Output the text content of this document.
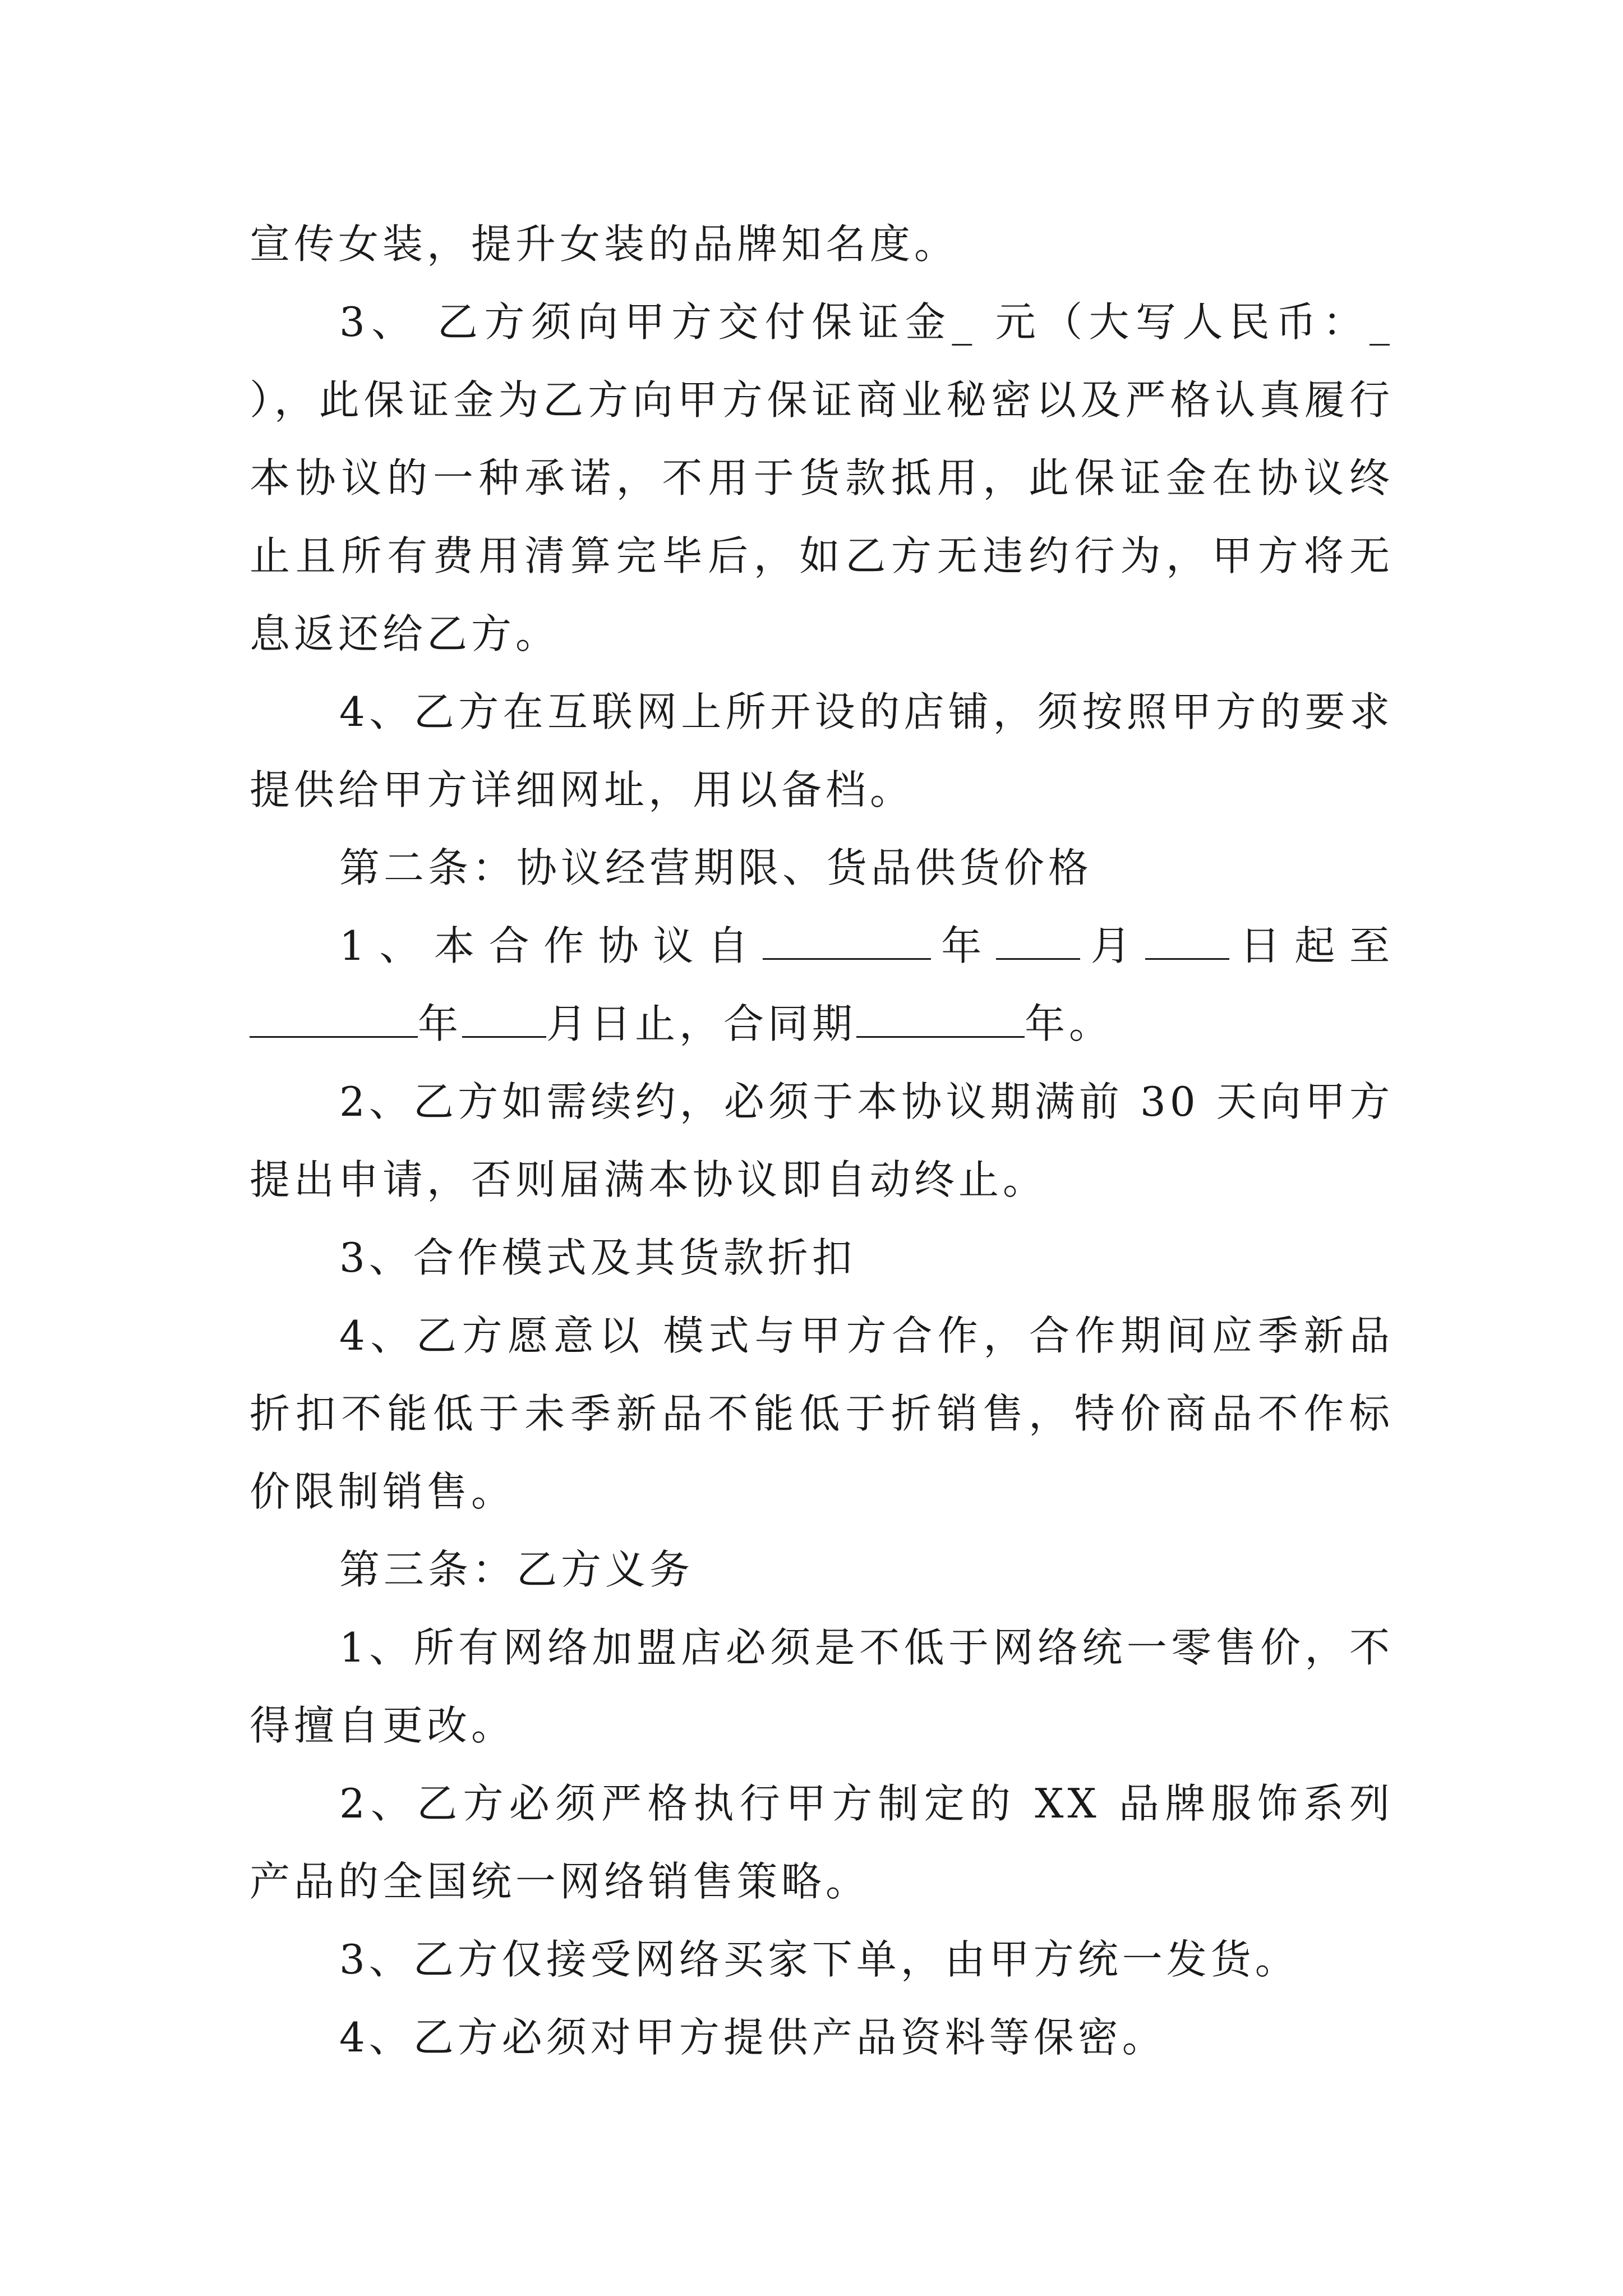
宣传女装，提升女装的品牌知名度。

3、 乙方须向甲方交付保证金_ 元（大写人民币：_ ），此保证金为乙方向甲方保证商业秘密以及严格认真履行本协议的一种承诺，不用于货款抵用，此保证金在协议终止且所有费用清算完毕后，如乙方无违约行为，甲方将无息返还给乙方。

4、乙方在互联网上所开设的店铺，须按照甲方的要求提供给甲方详细网址，用以备档。

第二条：协议经营期限、货品供货价格

1、本合作协议自	年 月 日起至年 月日止，合同期	年。

2、乙方如需续约，必须于本协议期满前 30 天向甲方提出申请，否则届满本协议即自动终止。

3、合作模式及其货款折扣

4、乙方愿意以 模式与甲方合作，合作期间应季新品折扣不能低于未季新品不能低于折销售，特价商品不作标价限制销售。

第三条：乙方义务

1、所有网络加盟店必须是不低于网络统一零售价，不得擅自更改。

2、乙方必须严格执行甲方制定的 XX 品牌服饰系列产品的全国统一网络销售策略。

3、乙方仅接受网络买家下单，由甲方统一发货。

4、乙方必须对甲方提供产品资料等保密。
